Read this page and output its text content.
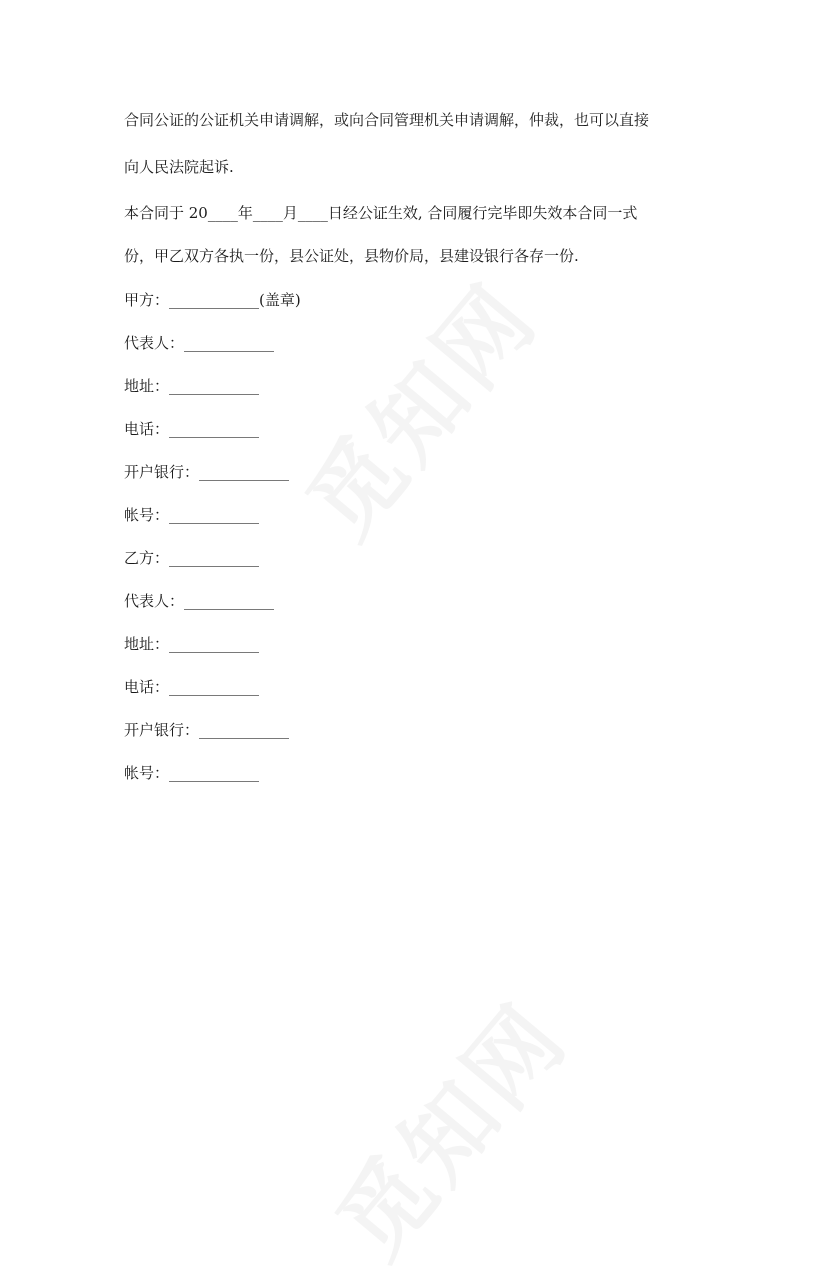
合同公证的公证机关申请调解，或向合同管理机关申请调解，仲裁，也可以直接

向人民法院起诉.

本合同于 20____年____月____日经公证生效, 合同履行完毕即失效本合同一式

份，甲乙双方各执一份，县公证处，县物价局，县建设银行各存一份.

甲方：____________(盖章)
代表人：____________
地址：____________
电话：____________
开户银行：____________
帐号：____________
乙方：____________
代表人：____________
地址：____________
电话：____________
开户银行：____________
帐号：____________
